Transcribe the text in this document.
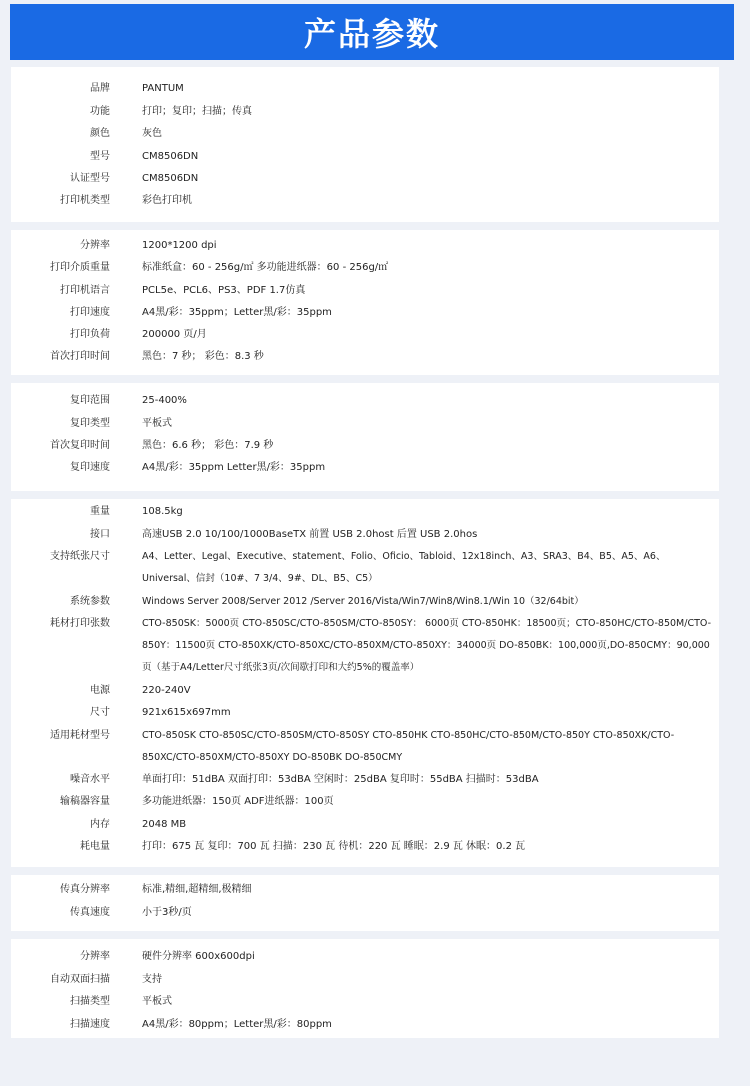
产品参数
品牌	PANTUM
功能	打印；复印；扫描；传真
颜色	灰色
型号	CM8506DN
认证型号	CM8506DN
打印机类型	彩色打印机
分辨率	1200*1200 dpi
打印介质重量	标准纸盒：60 - 256g/㎡ 多功能进纸器：60 - 256g/㎡
打印机语言	PCL5e、PCL6、PS3、PDF 1.7仿真
打印速度	A4黑/彩：35ppm；Letter黑/彩：35ppm
打印负荷	200000 页/月
首次打印时间	黑色：7 秒； 彩色：8.3 秒
复印范围	25-400%
复印类型	平板式
首次复印时间	黑色：6.6 秒； 彩色：7.9 秒
复印速度	A4黑/彩：35ppm Letter黑/彩：35ppm
重量	108.5kg
接口	高速USB 2.0 10/100/1000BaseTX 前置 USB 2.0host 后置 USB 2.0hos
支持纸张尺寸	A4、Letter、Legal、Executive、statement、Folio、Oficio、Tabloid、12x18inch、A3、SRA3、B4、B5、A5、A6、Universal、信封（10#、7 3/4、9#、DL、B5、C5）
系统参数	Windows Server 2008/Server 2012 /Server 2016/Vista/Win7/Win8/Win8.1/Win 10（32/64bit）
耗材打印张数	CTO-850SK：5000页 CTO-850SC/CTO-850SM/CTO-850SY： 6000页 CTO-850HK：18500页；CTO-850HC/CTO-850M/CTO-850Y：11500页 CTO-850XK/CTO-850XC/CTO-850XM/CTO-850XY：34000页 DO-850BK：100,000页,DO-850CMY：90,000页（基于A4/Letter尺寸纸张3页/次间歇打印和大约5%的覆盖率）
电源	220-240V
尺寸	921x615x697mm
适用耗材型号	CTO-850SK CTO-850SC/CTO-850SM/CTO-850SY CTO-850HK CTO-850HC/CTO-850M/CTO-850Y CTO-850XK/CTO-850XC/CTO-850XM/CTO-850XY DO-850BK DO-850CMY
噪音水平	单面打印：51dBA 双面打印：53dBA 空闲时：25dBA 复印时：55dBA 扫描时：53dBA
输稿器容量	多功能进纸器：150页 ADF进纸器：100页
内存	2048 MB
耗电量	打印：675 瓦 复印：700 瓦 扫描：230 瓦 待机：220 瓦 睡眠：2.9 瓦 休眠：0.2 瓦
传真分辨率	标准,精细,超精细,极精细
传真速度	小于3秒/页
分辨率	硬件分辨率 600x600dpi
自动双面扫描	支持
扫描类型	平板式
扫描速度	A4黑/彩：80ppm；Letter黑/彩：80ppm
